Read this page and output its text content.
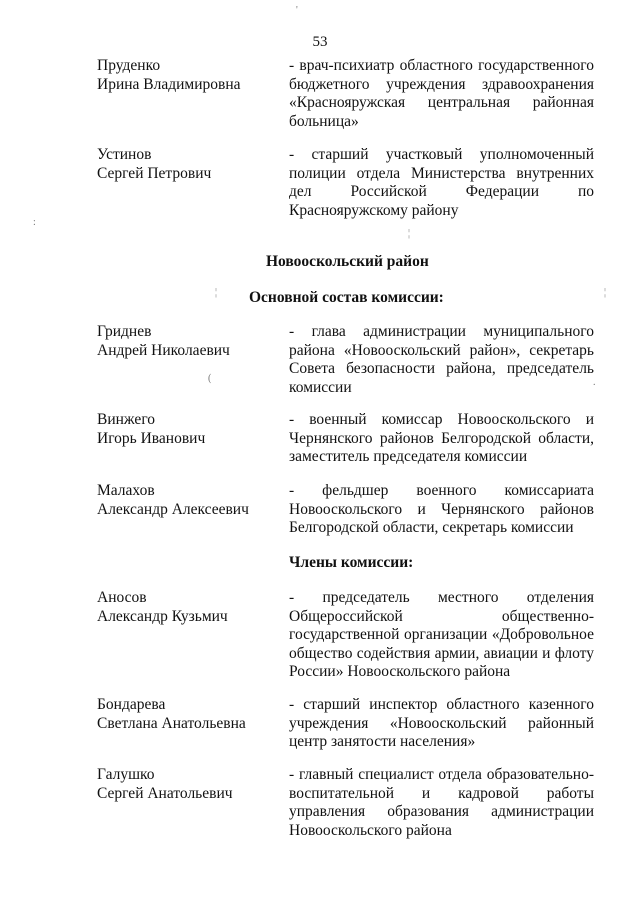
53
Пруденко
Ирина Владимировна
- врач-психиатр областного государственного бюджетного учреждения здравоохранения «Краснояружская центральная районная больница»
Устинов
Сергей Петрович
- старший участковый уполномоченный полиции отдела Министерства внутренних дел Российской Федерации по Краснояружскому району
Новооскольский район
Основной состав комиссии:
Гриднев
Андрей Николаевич
- глава администрации муниципального района «Новооскольский район», секретарь Совета безопасности района, председатель комиссии
Винжего
Игорь Иванович
- военный комиссар Новооскольского и Чернянского районов Белгородской области, заместитель председателя комиссии
Малахов
Александр Алексеевич
- фельдшер военного комиссариата Новооскольского и Чернянского районов Белгородской области, секретарь комиссии
Члены комиссии:
Аносов
Александр Кузьмич
- председатель местного отделения Общероссийской общественно-государственной организации «Добровольное общество содействия армии, авиации и флоту России» Новооскольского района
Бондарева
Светлана Анатольевна
- старший инспектор областного казенного учреждения «Новооскольский районный центр занятости населения»
Галушко
Сергей Анатольевич
- главный специалист отдела образовательно-воспитательной и кадровой работы управления образования администрации Новооскольского района
'
:
¦
¦	¦
(	.
